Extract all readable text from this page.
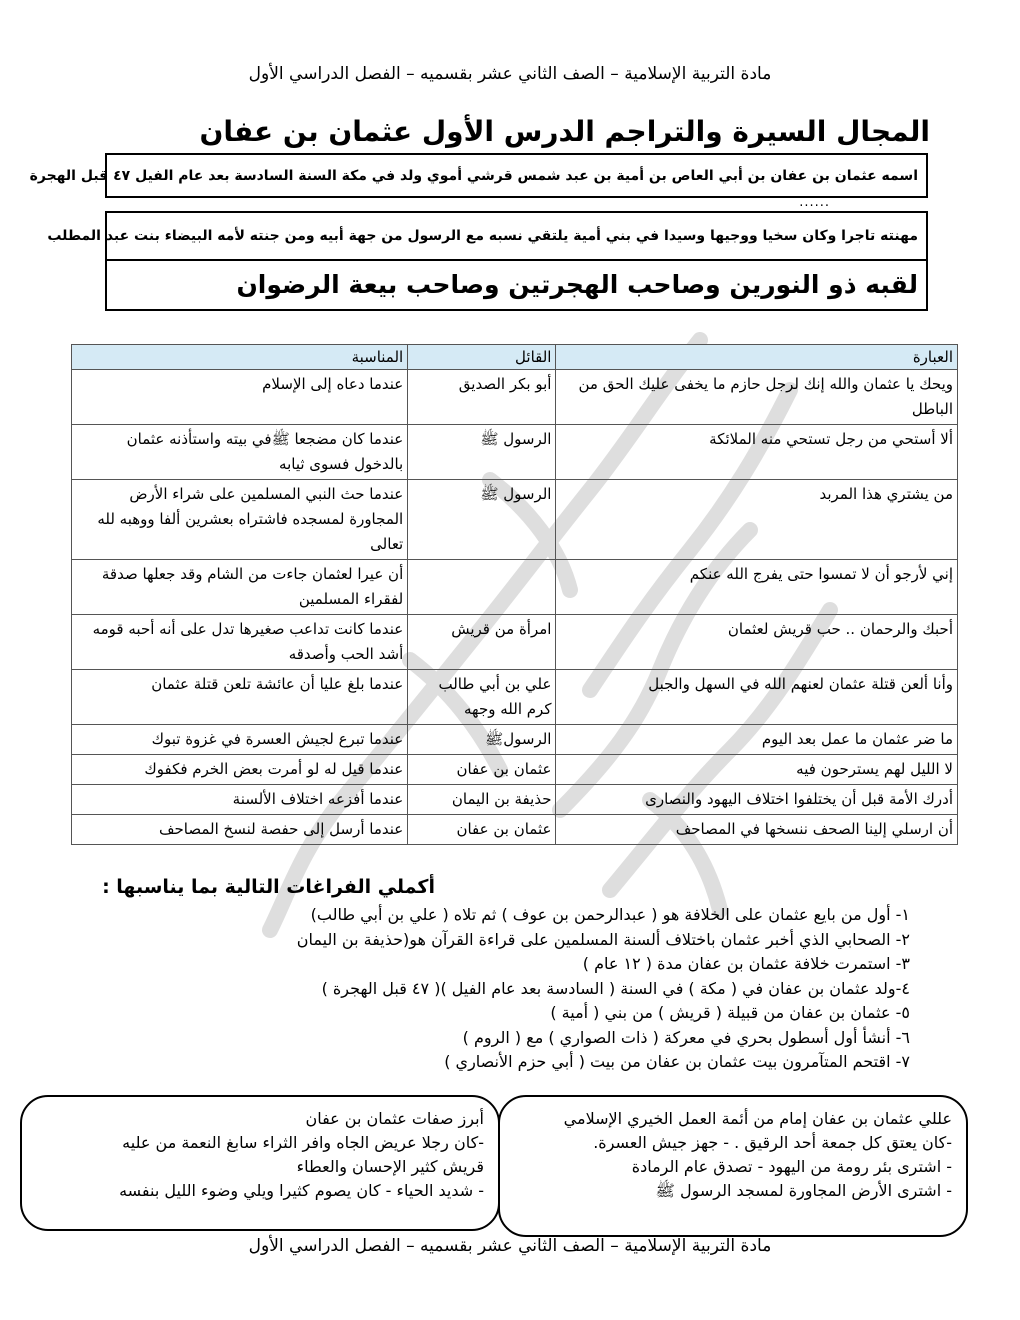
مادة التربية الإسلامية – الصف الثاني عشر بقسميه – الفصل الدراسي الأول
المجال السيرة والتراجم الدرس الأول عثمان بن عفان
اسمه عثمان بن عفان بن أبي العاص بن أمية بن عبد شمس قرشي أموي ولد في مكة السنة السادسة بعد عام الفيل ٤٧ قبل الهجرة
......
مهنته تاجرا وكان سخيا ووجيها وسيدا في بني أمية يلتقي نسبه مع الرسول من جهة أبيه ومن جنته لأمه البيضاء بنت عبد المطلب
لقبه ذو النورين وصاحب الهجرتين وصاحب بيعة الرضوان
العبارة	القائل	المناسبة
ويحك يا عثمان والله إنك لرجل حازم ما يخفى عليك الحق من الباطل	أبو بكر الصديق	عندما دعاه إلى الإسلام
ألا أستحي من رجل تستحي منه الملائكة	الرسول ﷺ	عندما كان مضجعا ﷺفي بيته واستأذنه عثمان بالدخول فسوى ثيابه
من يشتري هذا المربد	الرسول ﷺ	عندما حث النبي المسلمين على شراء الأرض المجاورة لمسجده فاشتراه بعشرين ألفا ووهبه لله تعالى
إني لأرجو أن لا تمسوا حتى يفرج الله عنكم		أن عيرا لعثمان جاءت من الشام وقد جعلها صدقة لفقراء المسلمين
أحبك والرحمان .. حب قريش لعثمان	امرأة من قريش	عندما كانت تداعب صغيرها تدل على أنه أحبه قومه أشد الحب وأصدقه
وأنا ألعن قتلة عثمان لعنهم الله في السهل والجبل	علي بن أبي طالب كرم الله وجهه	عندما بلغ عليا أن عائشة تلعن قتلة عثمان
ما ضر عثمان ما عمل بعد اليوم	الرسولﷺ	عندما تبرع لجيش العسرة في غزوة تبوك
لا الليل لهم يسترحون فيه	عثمان بن عفان	عندما قيل له لو أمرت بعض الخرم فكفوك
أدرك الأمة قبل أن يختلفوا اختلاف اليهود والنصارى	حذيفة بن اليمان	عندما أفزعه اختلاف الألسنة
أن ارسلي إلينا الصحف ننسخها في المصاحف	عثمان بن عفان	عندما أرسل إلى حفصة لنسخ المصاحف
أكملي الفراغات التالية بما يناسبها :
١- أول من بايع عثمان على الخلافة هو ( عبدالرحمن بن عوف ) ثم تلاه ( علي بن أبي طالب)
٢- الصحابي الذي أخبر عثمان باختلاف ألسنة المسلمين على قراءة القرآن هو(حذيفة بن اليمان
٣- استمرت خلافة عثمان بن عفان مدة ( ١٢ عام )
٤-ولد عثمان بن عفان في ( مكة ) في السنة ( السادسة بعد عام الفيل )( ٤٧ قبل الهجرة )
٥- عثمان بن عفان من قبيلة ( قريش ) من بني ( أمية )
٦- أنشأ أول أسطول بحري في معركة ( ذات الصواري ) مع ( الروم )
٧- اقتحم المتآمرون بيت عثمان بن عفان من بيت ( أبي حزم الأنصاري )
عللي عثمان بن عفان إمام من أئمة العمل الخيري الإسلامي
-كان يعتق كل جمعة أحد الرقيق . - جهز جيش العسرة.
- اشترى بئر رومة من اليهود - تصدق عام الرمادة
- اشترى الأرض المجاورة لمسجد الرسول ﷺ
أبرز صفات عثمان بن عفان
-كان رجلا عريض الجاه وافر الثراء سابغ النعمة من عليه
قريش كثير الإحسان والعطاء
- شديد الحياء - كان يصوم كثيرا ويلي وضوء الليل بنفسه
مادة التربية الإسلامية – الصف الثاني عشر بقسميه – الفصل الدراسي الأول
